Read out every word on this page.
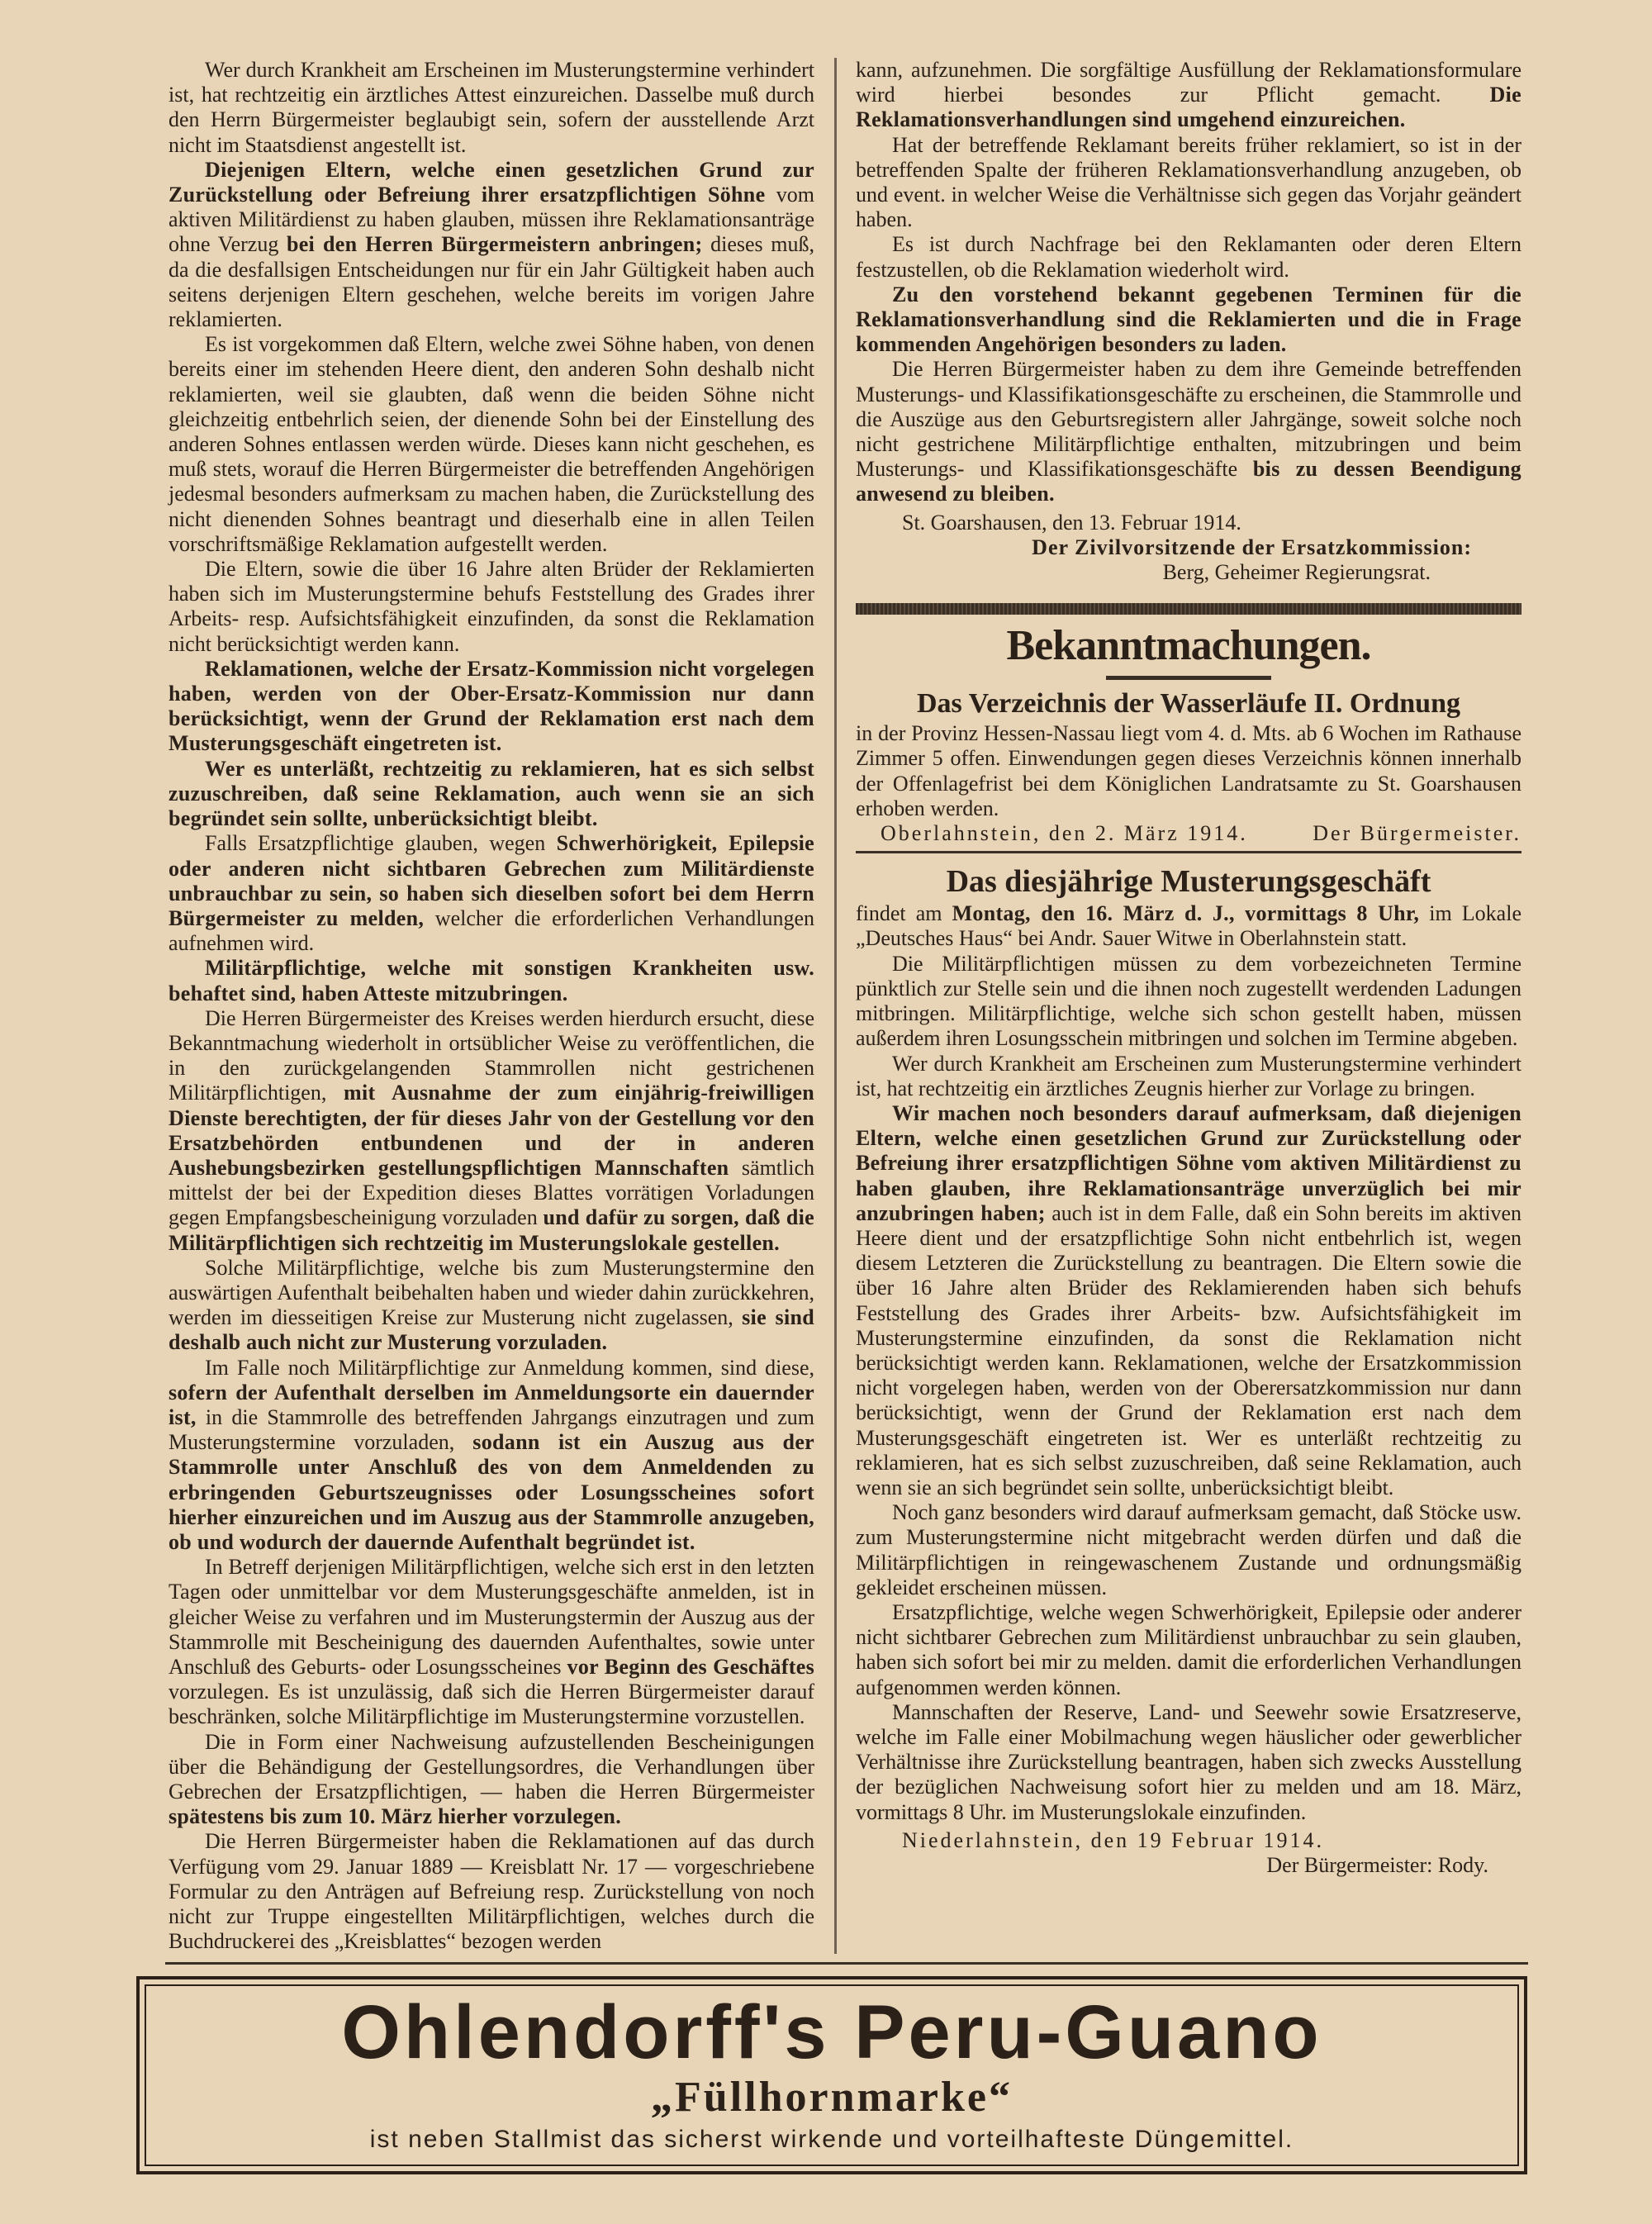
Wer durch Krankheit am Erscheinen im Musterungstermine verhindert ist, hat rechtzeitig ein ärztliches Attest einzureichen. Dasselbe muß durch den Herrn Bürgermeister beglaubigt sein, sofern der ausstellende Arzt nicht im Staatsdienst angestellt ist.

Diejenigen Eltern, welche einen gesetzlichen Grund zur Zurückstellung oder Befreiung ihrer ersatzpflichtigen Söhne vom aktiven Militärdienst zu haben glauben, müssen ihre Reklamationsanträge ohne Verzug bei den Herren Bürgermeistern anbringen; dieses muß, da die desfallsigen Entscheidungen nur für ein Jahr Gültigkeit haben auch seitens derjenigen Eltern geschehen, welche bereits im vorigen Jahre reklamierten.

Es ist vorgekommen daß Eltern, welche zwei Söhne haben, von denen bereits einer im stehenden Heere dient, den anderen Sohn deshalb nicht reklamierten, weil sie glaubten, daß wenn die beiden Söhne nicht gleichzeitig entbehrlich seien, der dienende Sohn bei der Einstellung des anderen Sohnes entlassen werden würde. Dieses kann nicht geschehen, es muß stets, worauf die Herren Bürgermeister die betreffenden Angehörigen jedesmal besonders aufmerksam zu machen haben, die Zurückstellung des nicht dienenden Sohnes beantragt und dieserhalb eine in allen Teilen vorschriftsmäßige Reklamation aufgestellt werden.

Die Eltern, sowie die über 16 Jahre alten Brüder der Reklamierten haben sich im Musterungstermine behufs Feststellung des Grades ihrer Arbeits- resp. Aufsichtsfähigkeit einzufinden, da sonst die Reklamation nicht berücksichtigt werden kann.

Reklamationen, welche der Ersatz-Kommission nicht vorgelegen haben, werden von der Ober-Ersatz-Kommission nur dann berücksichtigt, wenn der Grund der Reklamation erst nach dem Musterungsgeschäft eingetreten ist.

Wer es unterläßt, rechtzeitig zu reklamieren, hat es sich selbst zuzuschreiben, daß seine Reklamation, auch wenn sie an sich begründet sein sollte, unberücksichtigt bleibt.

Falls Ersatzpflichtige glauben, wegen Schwerhörigkeit, Epilepsie oder anderen nicht sichtbaren Gebrechen zum Militärdienste unbrauchbar zu sein, so haben sich dieselben sofort bei dem Herrn Bürgermeister zu melden, welcher die erforderlichen Verhandlungen aufnehmen wird.

Militärpflichtige, welche mit sonstigen Krankheiten usw. behaftet sind, haben Atteste mitzubringen.

Die Herren Bürgermeister des Kreises werden hierdurch ersucht, diese Bekanntmachung wiederholt in ortsüblicher Weise zu veröffentlichen, die in den zurückgelangenden Stammrollen nicht gestrichenen Militärpflichtigen, mit Ausnahme der zum einjährig-freiwilligen Dienste berechtigten, der für dieses Jahr von der Gestellung vor den Ersatzbehörden entbundenen und der in anderen Aushebungsbezirken gestellungspflichtigen Mannschaften sämtlich mittelst der bei der Expedition dieses Blattes vorrätigen Vorladungen gegen Empfangsbescheinigung vorzuladen und dafür zu sorgen, daß die Militärpflichtigen sich rechtzeitig im Musterungslokale gestellen.

Solche Militärpflichtige, welche bis zum Musterungstermine den auswärtigen Aufenthalt beibehalten haben und wieder dahin zurückkehren, werden im diesseitigen Kreise zur Musterung nicht zugelassen, sie sind deshalb auch nicht zur Musterung vorzuladen.

Im Falle noch Militärpflichtige zur Anmeldung kommen, sind diese, sofern der Aufenthalt derselben im Anmeldungsorte ein dauernder ist, in die Stammrolle des betreffenden Jahrgangs einzutragen und zum Musterungstermine vorzuladen, sodann ist ein Auszug aus der Stammrolle unter Anschluß des von dem Anmeldenden zu erbringenden Geburtszeugnisses oder Losungsscheines sofort hierher einzureichen und im Auszug aus der Stammrolle anzugeben, ob und wodurch der dauernde Aufenthalt begründet ist.

In Betreff derjenigen Militärpflichtigen, welche sich erst in den letzten Tagen oder unmittelbar vor dem Musterungsgeschäfte anmelden, ist in gleicher Weise zu verfahren und im Musterungstermin der Auszug aus der Stammrolle mit Bescheinigung des dauernden Aufenthaltes, sowie unter Anschluß des Geburts- oder Losungsscheines vor Beginn des Geschäftes vorzulegen. Es ist unzulässig, daß sich die Herren Bürgermeister darauf beschränken, solche Militärpflichtige im Musterungstermine vorzustellen.

Die in Form einer Nachweisung aufzustellenden Bescheinigungen über die Behändigung der Gestellungsordres, die Verhandlungen über Gebrechen der Ersatzpflichtigen, — haben die Herren Bürgermeister spätestens bis zum 10. März hierher vorzulegen.

Die Herren Bürgermeister haben die Reklamationen auf das durch Verfügung vom 29. Januar 1889 — Kreisblatt Nr. 17 — vorgeschriebene Formular zu den Anträgen auf Befreiung resp. Zurückstellung von noch nicht zur Truppe eingestellten Militärpflichtigen, welches durch die Buchdruckerei des „Kreisblattes“ bezogen werden

kann, aufzunehmen. Die sorgfältige Ausfüllung der Reklamationsformulare wird hierbei besondes zur Pflicht gemacht. Die Reklamationsverhandlungen sind umgehend einzureichen.

Hat der betreffende Reklamant bereits früher reklamiert, so ist in der betreffenden Spalte der früheren Reklamationsverhandlung anzugeben, ob und event. in welcher Weise die Verhältnisse sich gegen das Vorjahr geändert haben.

Es ist durch Nachfrage bei den Reklamanten oder deren Eltern festzustellen, ob die Reklamation wiederholt wird.

Zu den vorstehend bekannt gegebenen Terminen für die Reklamationsverhandlung sind die Reklamierten und die in Frage kommenden Angehörigen besonders zu laden.

Die Herren Bürgermeister haben zu dem ihre Gemeinde betreffenden Musterungs- und Klassifikationsgeschäfte zu erscheinen, die Stammrolle und die Auszüge aus den Geburtsregistern aller Jahrgänge, soweit solche noch nicht gestrichene Militärpflichtige enthalten, mitzubringen und beim Musterungs- und Klassifikationsgeschäfte bis zu dessen Beendigung anwesend zu bleiben.

St. Goarshausen, den 13. Februar 1914.

Der Zivilvorsitzende der Ersatzkommission:

Berg, Geheimer Regierungsrat.

Bekanntmachungen.
Das Verzeichnis der Wasserläufe II. Ordnung

in der Provinz Hessen-Nassau liegt vom 4. d. Mts. ab 6 Wochen im Rathause Zimmer 5 offen. Einwendungen gegen dieses Verzeichnis können innerhalb der Offenlagefrist bei dem Königlichen Landratsamte zu St. Goarshausen erhoben werden.

Oberlahnstein, den 2. März 1914.	Der Bürgermeister.
Das diesjährige Musterungsgeschäft

findet am Montag, den 16. März d. J., vormittags 8 Uhr, im Lokale „Deutsches Haus“ bei Andr. Sauer Witwe in Oberlahnstein statt.

Die Militärpflichtigen müssen zu dem vorbezeichneten Termine pünktlich zur Stelle sein und die ihnen noch zugestellt werdenden Ladungen mitbringen. Militärpflichtige, welche sich schon gestellt haben, müssen außerdem ihren Losungsschein mitbringen und solchen im Termine abgeben.

Wer durch Krankheit am Erscheinen zum Musterungstermine verhindert ist, hat rechtzeitig ein ärztliches Zeugnis hierher zur Vorlage zu bringen.

Wir machen noch besonders darauf aufmerksam, daß diejenigen Eltern, welche einen gesetzlichen Grund zur Zurückstellung oder Befreiung ihrer ersatzpflichtigen Söhne vom aktiven Militärdienst zu haben glauben, ihre Reklamationsanträge unverzüglich bei mir anzubringen haben; auch ist in dem Falle, daß ein Sohn bereits im aktiven Heere dient und der ersatzpflichtige Sohn nicht entbehrlich ist, wegen diesem Letzteren die Zurückstellung zu beantragen. Die Eltern sowie die über 16 Jahre alten Brüder des Reklamierenden haben sich behufs Feststellung des Grades ihrer Arbeits- bzw. Aufsichtsfähigkeit im Musterungstermine einzufinden, da sonst die Reklamation nicht berücksichtigt werden kann. Reklamationen, welche der Ersatzkommission nicht vorgelegen haben, werden von der Oberersatzkommission nur dann berücksichtigt, wenn der Grund der Reklamation erst nach dem Musterungsgeschäft eingetreten ist. Wer es unterläßt rechtzeitig zu reklamieren, hat es sich selbst zuzuschreiben, daß seine Reklamation, auch wenn sie an sich begründet sein sollte, unberücksichtigt bleibt.

Noch ganz besonders wird darauf aufmerksam gemacht, daß Stöcke usw. zum Musterungstermine nicht mitgebracht werden dürfen und daß die Militärpflichtigen in reingewaschenem Zustande und ordnungsmäßig gekleidet erscheinen müssen.

Ersatzpflichtige, welche wegen Schwerhörigkeit, Epilepsie oder anderer nicht sichtbarer Gebrechen zum Militärdienst unbrauchbar zu sein glauben, haben sich sofort bei mir zu melden. damit die erforderlichen Verhandlungen aufgenommen werden können.

Mannschaften der Reserve, Land- und Seewehr sowie Ersatzreserve, welche im Falle einer Mobilmachung wegen häuslicher oder gewerblicher Verhältnisse ihre Zurückstellung beantragen, haben sich zwecks Ausstellung der bezüglichen Nachweisung sofort hier zu melden und am 18. März, vormittags 8 Uhr. im Musterungslokale einzufinden.

Niederlahnstein, den 19 Februar 1914.

Der Bürgermeister: Rody.

Ohlendorff's Peru-Guano
„Füllhornmarke“
ist neben Stallmist das sicherst wirkende und vorteilhafteste Düngemittel.
